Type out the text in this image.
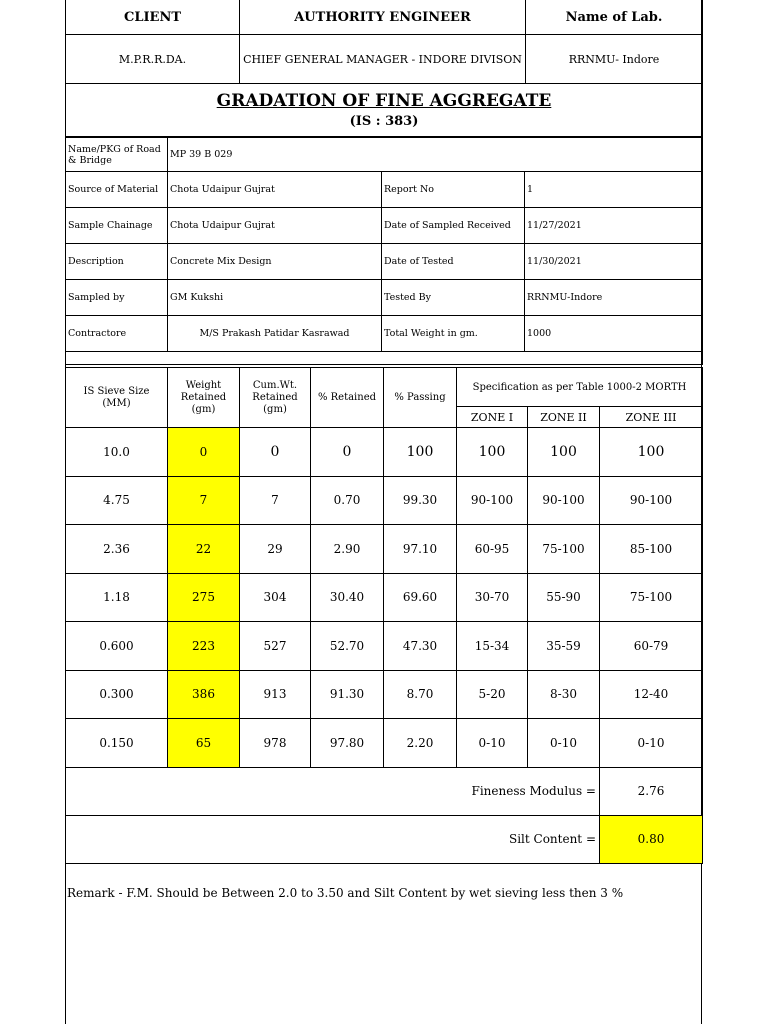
CLIENT	AUTHORITY ENGINEER	Name of Lab.
M.P.R.R.DA.	CHIEF GENERAL MANAGER - INDORE DIVISON	RRNMU- Indore

GRADATION OF FINE AGGREGATE
(IS : 383)		
Name/PKG of Road & Bridge	MP 39 B 029		
Source of Material	Chota Udaipur Gujrat	Report No	1
Sample Chainage	Chota Udaipur Gujrat	Date of Sampled Received	11/27/2021
Description	Concrete Mix Design	Date of Tested	11/30/2021
Sampled by	GM Kukshi	Tested By	RRNMU-Indore
Contractore	M/S Prakash Patidar Kasrawad	Total Weight in gm.	1000

IS Sieve Size (MM)	Weight Retained (gm)	Cum.Wt. Retained (gm)	% Retained	% Passing	Specification as per Table 1000-2 MORTH		
					ZONE I	ZONE II	ZONE III
10.0	0	0	0	100	100	100	100
4.75	7	7	0.70	99.30	90-100	90-100	90-100
2.36	22	29	2.90	97.10	60-95	75-100	85-100
1.18	275	304	30.40	69.60	30-70	55-90	75-100
0.600	223	527	52.70	47.30	15-34	35-59	60-79
0.300	386	913	91.30	8.70	5-20	8-30	12-40
0.150	65	978	97.80	2.20	0-10	0-10	0-10
Fineness Modulus =							2.76
Silt Content =							0.80
Remark - F.M. Should be Between 2.0 to 3.50 and Silt Content by wet sieving less then 3 %
